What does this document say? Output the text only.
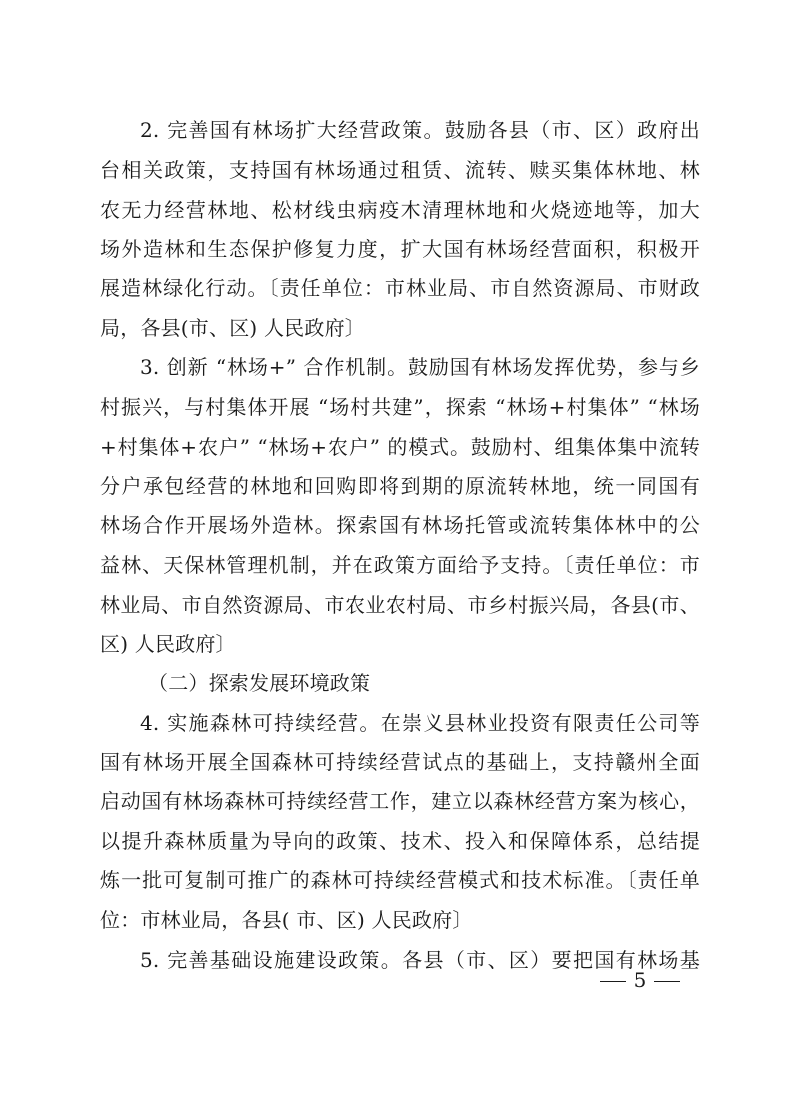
2. 完善国有林场扩大经营政策。鼓励各县（市、区）政府出
台相关政策，支持国有林场通过租赁、流转、赎买集体林地、林
农无力经营林地、松材线虫病疫木清理林地和火烧迹地等，加大
场外造林和生态保护修复力度，扩大国有林场经营面积，积极开
展造林绿化行动。〔责任单位：市林业局、市自然资源局、市财政
局，各县(市、区) 人民政府〕
3. 创新 “林场+” 合作机制。鼓励国有林场发挥优势，参与乡
村振兴，与村集体开展 “场村共建”，探索 “林场+村集体” “林场
+村集体+农户” “林场+农户” 的模式。鼓励村、组集体集中流转
分户承包经营的林地和回购即将到期的原流转林地，统一同国有
林场合作开展场外造林。探索国有林场托管或流转集体林中的公
益林、天保林管理机制，并在政策方面给予支持。〔责任单位：市
林业局、市自然资源局、市农业农村局、市乡村振兴局，各县(市、
区) 人民政府〕
（二）探索发展环境政策
4. 实施森林可持续经营。在崇义县林业投资有限责任公司等
国有林场开展全国森林可持续经营试点的基础上，支持赣州全面
启动国有林场森林可持续经营工作，建立以森林经营方案为核心，
以提升森林质量为导向的政策、技术、投入和保障体系，总结提
炼一批可复制可推广的森林可持续经营模式和技术标准。〔责任单
位：市林业局，各县( 市、区) 人民政府〕
5. 完善基础设施建设政策。各县（市、区）要把国有林场基
5
